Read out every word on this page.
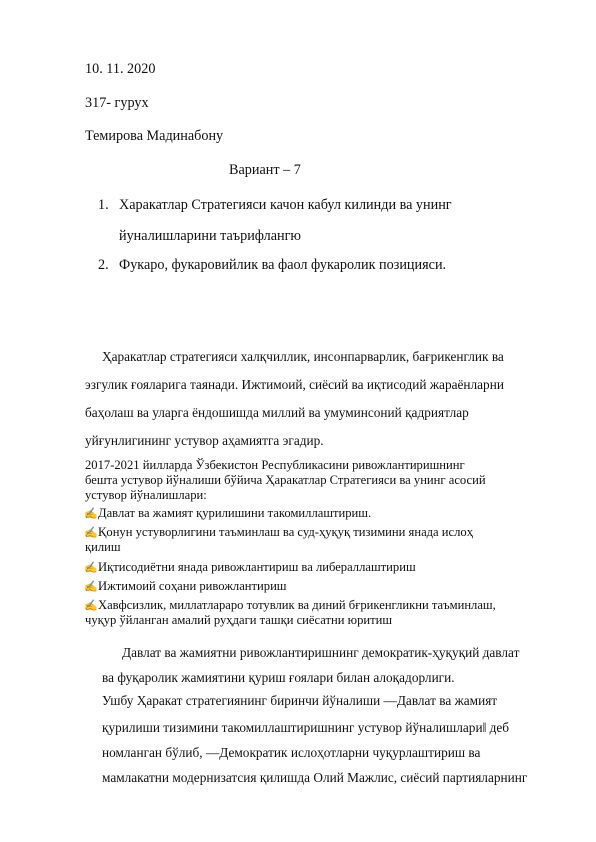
10. 11. 2020
317- гурух
Темирова Мадинабону
Вариант – 7
1. Харакатлар Стратегияси качон кабул килинди ва унинг
йуналишларини таърифлангю
2. Фукаро, фукаровийлик ва фаол фукаролик позицияси.
Ҳаракатлар стратегияси халқчиллик, инсонпарварлик, бағрикенглик ва
эзгулик ғояларига таянади. Ижтимоий, сиёсий ва иқтисодий жараёнларни
баҳолаш ва уларга ёндошишда миллий ва умуминсоний қадриятлар
уйғунлигининг устувор аҳамиятга эгадир.
2017-2021 йилларда Ўзбекистон Республикасини ривожлантиришнинг
бешта устувор йўналиши бўйича Ҳаракатлар Стратегияси ва унинг асосий
устувор йўналишлари:
✍ Давлат ва жамият қурилишини такомиллаштириш.
✍ Қонун устуворлигини таъминлаш ва суд-ҳуқуқ тизимини янада ислоҳ
қилиш
✍ Иқтисодиётни янада ривожлантириш ва либераллаштириш
✍ Ижтимоий соҳани ривожлантириш
✍ Хавфсизлик, миллатлараро тотувлик ва диний бғрикенгликни таъминлаш,
чуқур ўйланган амалий руҳдаги ташқи сиёсатни юритиш
Давлат ва жамиятни ривожлантиришнинг демократик-ҳуқуқий давлат
ва фуқаролик жамиятини қуриш ғоялари билан алоқадорлиги.
Ушбу Ҳаракат стратегиянинг биринчи йўналиши ―Давлат ва жамият
қурилиши тизимини такомиллаштиришнинг устувор йўналишлари‖ деб
номланган бўлиб, ―Демократик ислоҳотларни чуқурлаштириш ва
мамлакатни модернизатсия қилишда Олий Мажлис, сиёсий партияларнинг
